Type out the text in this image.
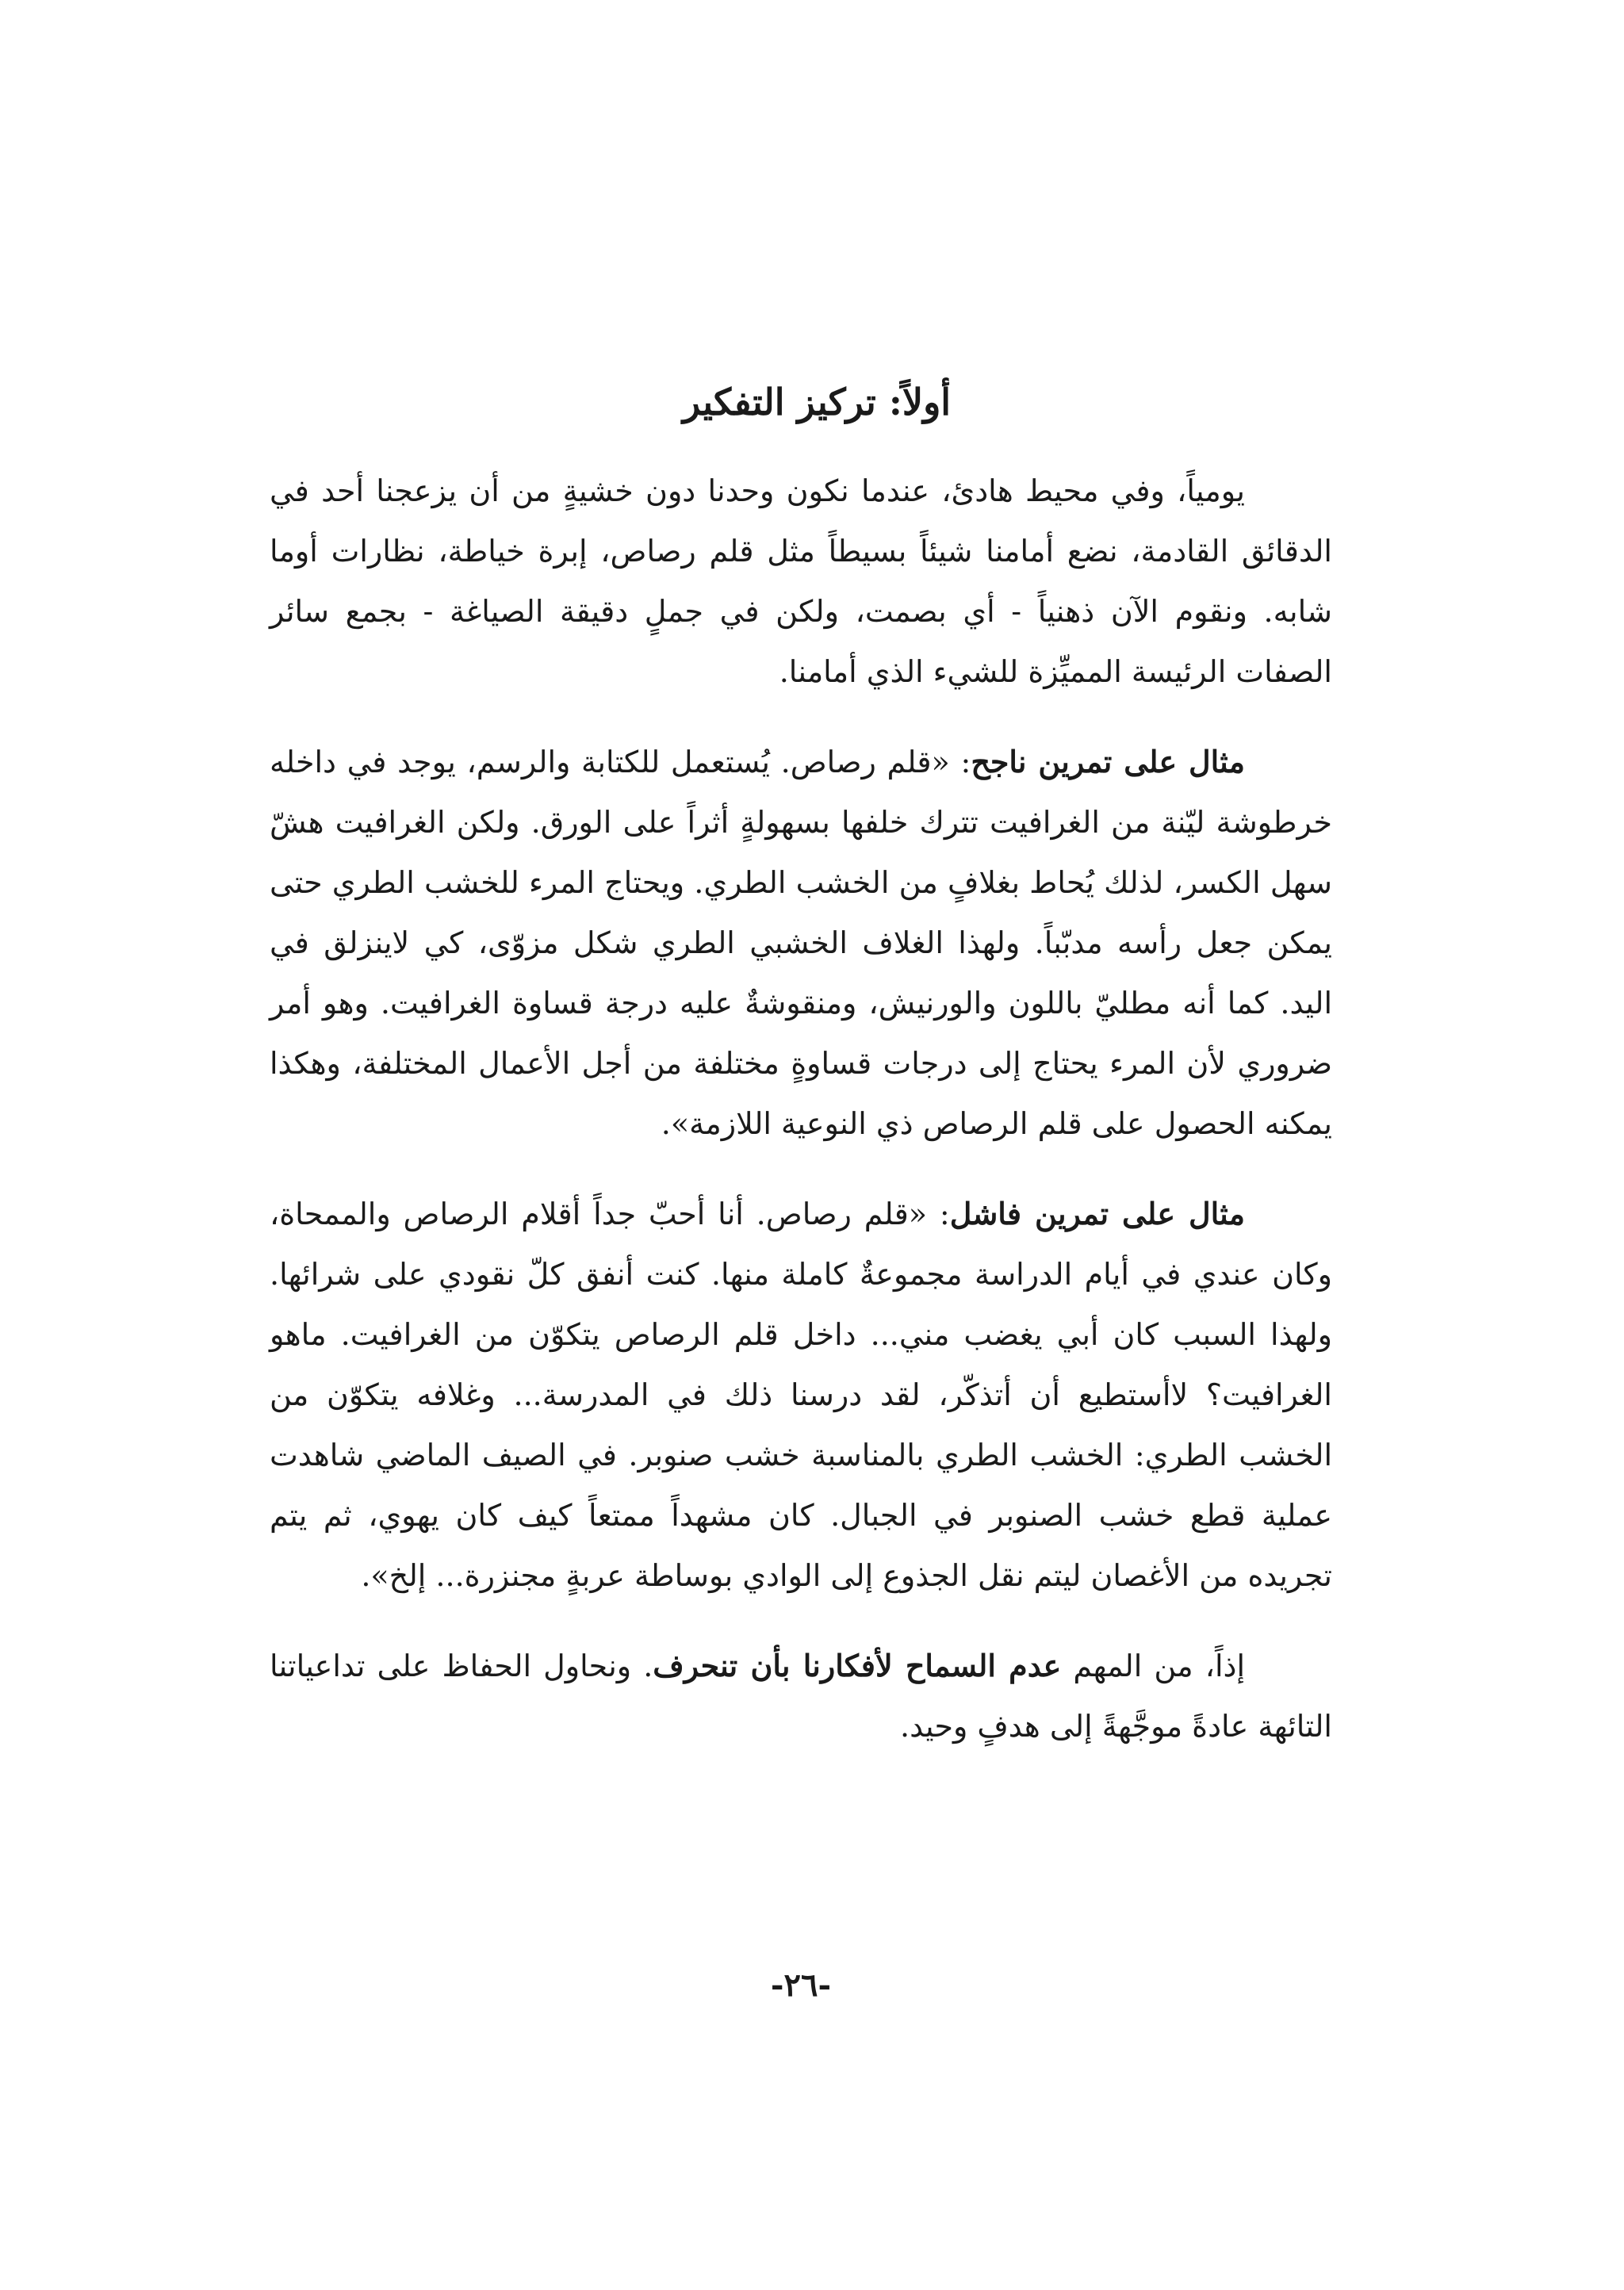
أولاً: تركيز التفكير

يومياً، وفي محيط هادئ، عندما نكون وحدنا دون خشيةٍ من أن يزعجنا أحد في الدقائق القادمة، نضع أمامنا شيئاً بسيطاً مثل قلم رصاص، إبرة خياطة، نظارات أوما شابه. ونقوم الآن ذهنياً - أي بصمت، ولكن في جملٍ دقيقة الصياغة - بجمع سائر الصفات الرئيسة المميِّزة للشيء الذي أمامنا.

مثال على تمرين ناجح: «قلم رصاص. يُستعمل للكتابة والرسم، يوجد في داخله خرطوشة ليّنة من الغرافيت تترك خلفها بسهولةٍ أثراً على الورق. ولكن الغرافيت هشّ سهل الكسر، لذلك يُحاط بغلافٍ من الخشب الطري. ويحتاج المرء للخشب الطري حتى يمكن جعل رأسه مدبّباً. ولهذا الغلاف الخشبي الطري شكل مزوّى، كي لاينزلق في اليد. كما أنه مطليّ باللون والورنيش، ومنقوشةٌ عليه درجة قساوة الغرافيت. وهو أمر ضروري لأن المرء يحتاج إلى درجات قساوةٍ مختلفة من أجل الأعمال المختلفة، وهكذا يمكنه الحصول على قلم الرصاص ذي النوعية اللازمة».

مثال على تمرين فاشل: «قلم رصاص. أنا أحبّ جداً أقلام الرصاص والممحاة، وكان عندي في أيام الدراسة مجموعةٌ كاملة منها. كنت أنفق كلّ نقودي على شرائها. ولهذا السبب كان أبي يغضب مني... داخل قلم الرصاص يتكوّن من الغرافيت. ماهو الغرافيت؟ لاأستطيع أن أتذكّر، لقد درسنا ذلك في المدرسة... وغلافه يتكوّن من الخشب الطري: الخشب الطري بالمناسبة خشب صنوبر. في الصيف الماضي شاهدت عملية قطع خشب الصنوبر في الجبال. كان مشهداً ممتعاً كيف كان يهوي، ثم يتم تجريده من الأغصان ليتم نقل الجذوع إلى الوادي بوساطة عربةٍ مجنزرة... إلخ».

إذاً، من المهم عدم السماح لأفكارنا بأن تنحرف. ونحاول الحفاظ على تداعياتنا التائهة عادةً موجَّهةً إلى هدفٍ وحيد.

-٢٦-
